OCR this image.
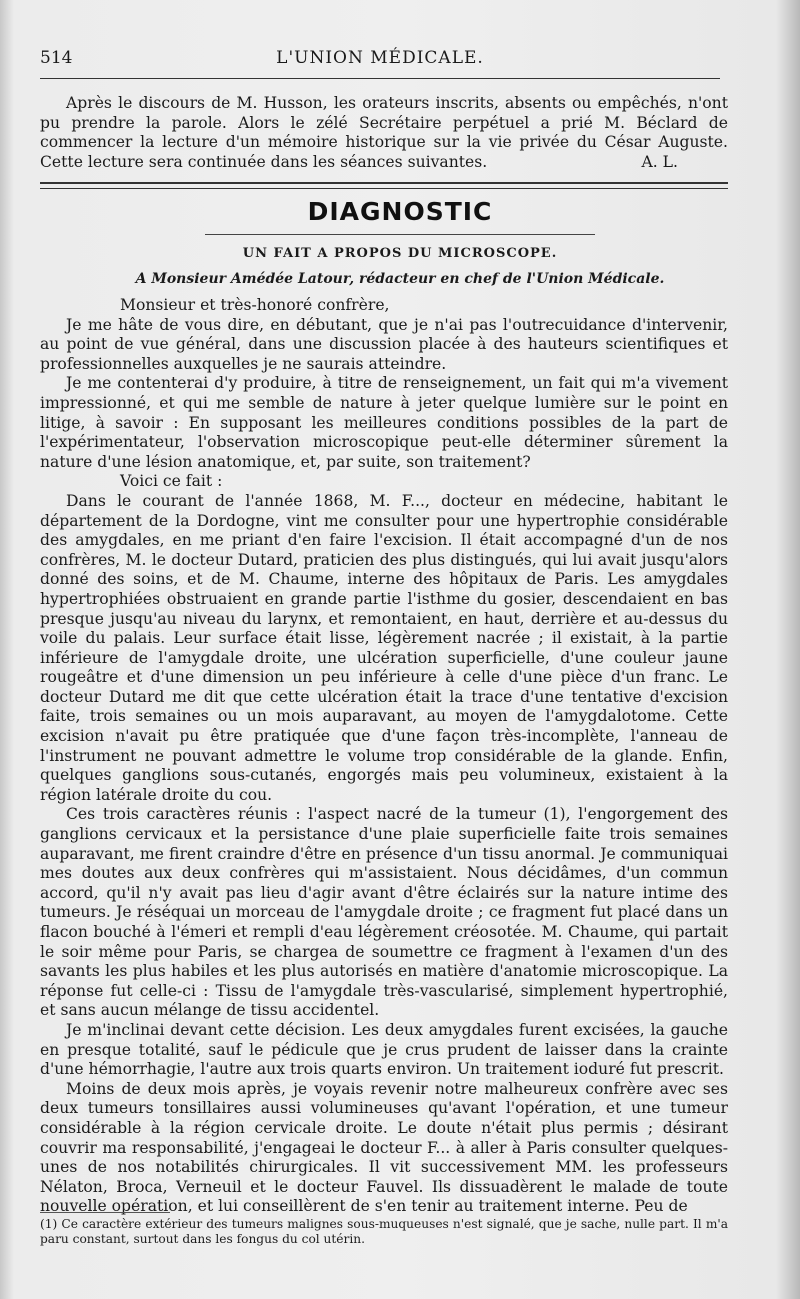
514	L'UNION MÉDICALE.

Après le discours de M. Husson, les orateurs inscrits, absents ou empêchés, n'ont pu prendre la parole. Alors le zélé Secrétaire perpétuel a prié M. Béclard de commencer la lecture d'un mémoire historique sur la vie privée du César Auguste. Cette lecture sera continuée dans les séances suivantes.	A. L.

DIAGNOSTIC
UN FAIT A PROPOS DU MICROSCOPE.
A Monsieur Amédée Latour, rédacteur en chef de l'Union Médicale.

Monsieur et très-honoré confrère,

Je me hâte de vous dire, en débutant, que je n'ai pas l'outrecuidance d'intervenir, au point de vue général, dans une discussion placée à des hauteurs scientifiques et professionnelles auxquelles je ne saurais atteindre.

Je me contenterai d'y produire, à titre de renseignement, un fait qui m'a vivement impressionné, et qui me semble de nature à jeter quelque lumière sur le point en litige, à savoir : En supposant les meilleures conditions possibles de la part de l'expérimentateur, l'observation microscopique peut-elle déterminer sûrement la nature d'une lésion anatomique, et, par suite, son traitement?

Voici ce fait :

Dans le courant de l'année 1868, M. F..., docteur en médecine, habitant le département de la Dordogne, vint me consulter pour une hypertrophie considérable des amygdales, en me priant d'en faire l'excision. Il était accompagné d'un de nos confrères, M. le docteur Dutard, praticien des plus distingués, qui lui avait jusqu'alors donné des soins, et de M. Chaume, interne des hôpitaux de Paris. Les amygdales hypertrophiées obstruaient en grande partie l'isthme du gosier, descendaient en bas presque jusqu'au niveau du larynx, et remontaient, en haut, derrière et au-dessus du voile du palais. Leur surface était lisse, légèrement nacrée ; il existait, à la partie inférieure de l'amygdale droite, une ulcération superficielle, d'une couleur jaune rougeâtre et d'une dimension un peu inférieure à celle d'une pièce d'un franc. Le docteur Dutard me dit que cette ulcération était la trace d'une tentative d'excision faite, trois semaines ou un mois auparavant, au moyen de l'amygdalotome. Cette excision n'avait pu être pratiquée que d'une façon très-incomplète, l'anneau de l'instrument ne pouvant admettre le volume trop considérable de la glande. Enfin, quelques ganglions sous-cutanés, engorgés mais peu volumineux, existaient à la région latérale droite du cou.

Ces trois caractères réunis : l'aspect nacré de la tumeur (1), l'engorgement des ganglions cervicaux et la persistance d'une plaie superficielle faite trois semaines auparavant, me firent craindre d'être en présence d'un tissu anormal. Je communiquai mes doutes aux deux confrères qui m'assistaient. Nous décidâmes, d'un commun accord, qu'il n'y avait pas lieu d'agir avant d'être éclairés sur la nature intime des tumeurs. Je réséquai un morceau de l'amygdale droite ; ce fragment fut placé dans un flacon bouché à l'émeri et rempli d'eau légèrement créosotée. M. Chaume, qui partait le soir même pour Paris, se chargea de soumettre ce fragment à l'examen d'un des savants les plus habiles et les plus autorisés en matière d'anatomie microscopique. La réponse fut celle-ci : Tissu de l'amygdale très-vascularisé, simplement hypertrophié, et sans aucun mélange de tissu accidentel.

Je m'inclinai devant cette décision. Les deux amygdales furent excisées, la gauche en presque totalité, sauf le pédicule que je crus prudent de laisser dans la crainte d'une hémorrhagie, l'autre aux trois quarts environ. Un traitement ioduré fut prescrit.

Moins de deux mois après, je voyais revenir notre malheureux confrère avec ses deux tumeurs tonsillaires aussi volumineuses qu'avant l'opération, et une tumeur considérable à la région cervicale droite. Le doute n'était plus permis ; désirant couvrir ma responsabilité, j'engageai le docteur F... à aller à Paris consulter quelques-unes de nos notabilités chirurgicales. Il vit successivement MM. les professeurs Nélaton, Broca, Verneuil et le docteur Fauvel. Ils dissuadèrent le malade de toute nouvelle opération, et lui conseillèrent de s'en tenir au traitement interne. Peu de

(1) Ce caractère extérieur des tumeurs malignes sous-muqueuses n'est signalé, que je sache, nulle part. Il m'a paru constant, surtout dans les fongus du col utérin.
